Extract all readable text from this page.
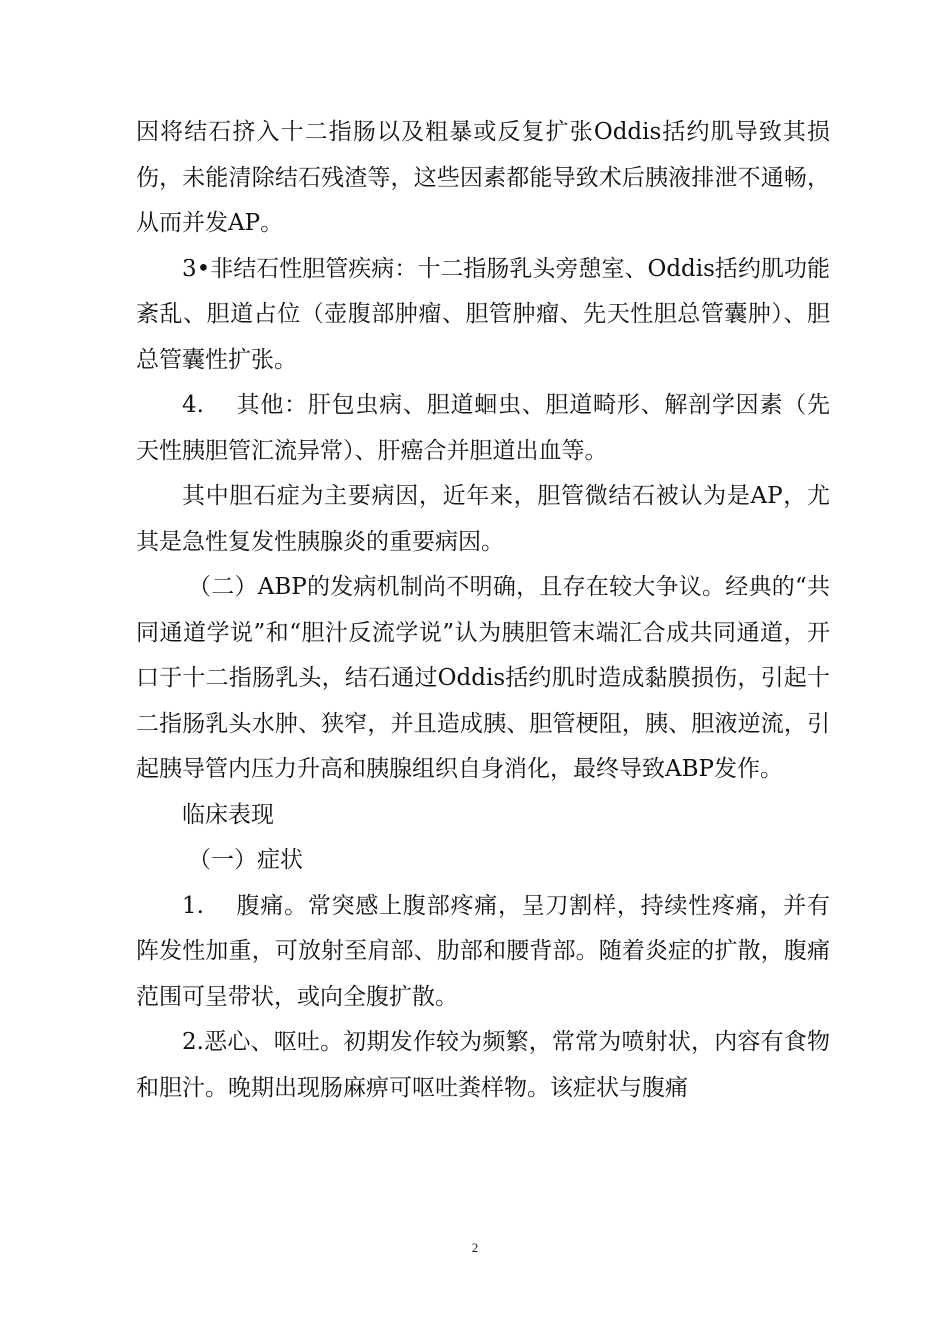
因将结石挤入十二指肠以及粗暴或反复扩张Oddis括约肌导致其损伤，未能清除结石残渣等，这些因素都能导致术后胰液排泄不通畅，从而并发AP。

3•非结石性胆管疾病：十二指肠乳头旁憩室、Oddis括约肌功能紊乱、胆道占位（壶腹部肿瘤、胆管肿瘤、先天性胆总管囊肿）、胆总管囊性扩张。

4.　 其他：肝包虫病、胆道蛔虫、胆道畸形、解剖学因素（先天性胰胆管汇流异常）、肝癌合并胆道出血等。

其中胆石症为主要病因，近年来，胆管微结石被认为是AP，尤其是急性复发性胰腺炎的重要病因。

（二）ABP的发病机制尚不明确，且存在较大争议。经典的“共同通道学说”和“胆汁反流学说”认为胰胆管末端汇合成共同通道，开口于十二指肠乳头，结石通过Oddis括约肌时造成黏膜损伤，引起十二指肠乳头水肿、狭窄，并且造成胰、胆管梗阻，胰、胆液逆流，引起胰导管内压力升高和胰腺组织自身消化，最终导致ABP发作。

临床表现

（一）症状

1.　 腹痛。常突感上腹部疼痛，呈刀割样，持续性疼痛，并有阵发性加重，可放射至肩部、肋部和腰背部。随着炎症的扩散，腹痛范围可呈带状，或向全腹扩散。

2.恶心、呕吐。初期发作较为频繁，常常为喷射状，内容有食物和胆汁。晚期出现肠麻痹可呕吐粪样物。该症状与腹痛

2
